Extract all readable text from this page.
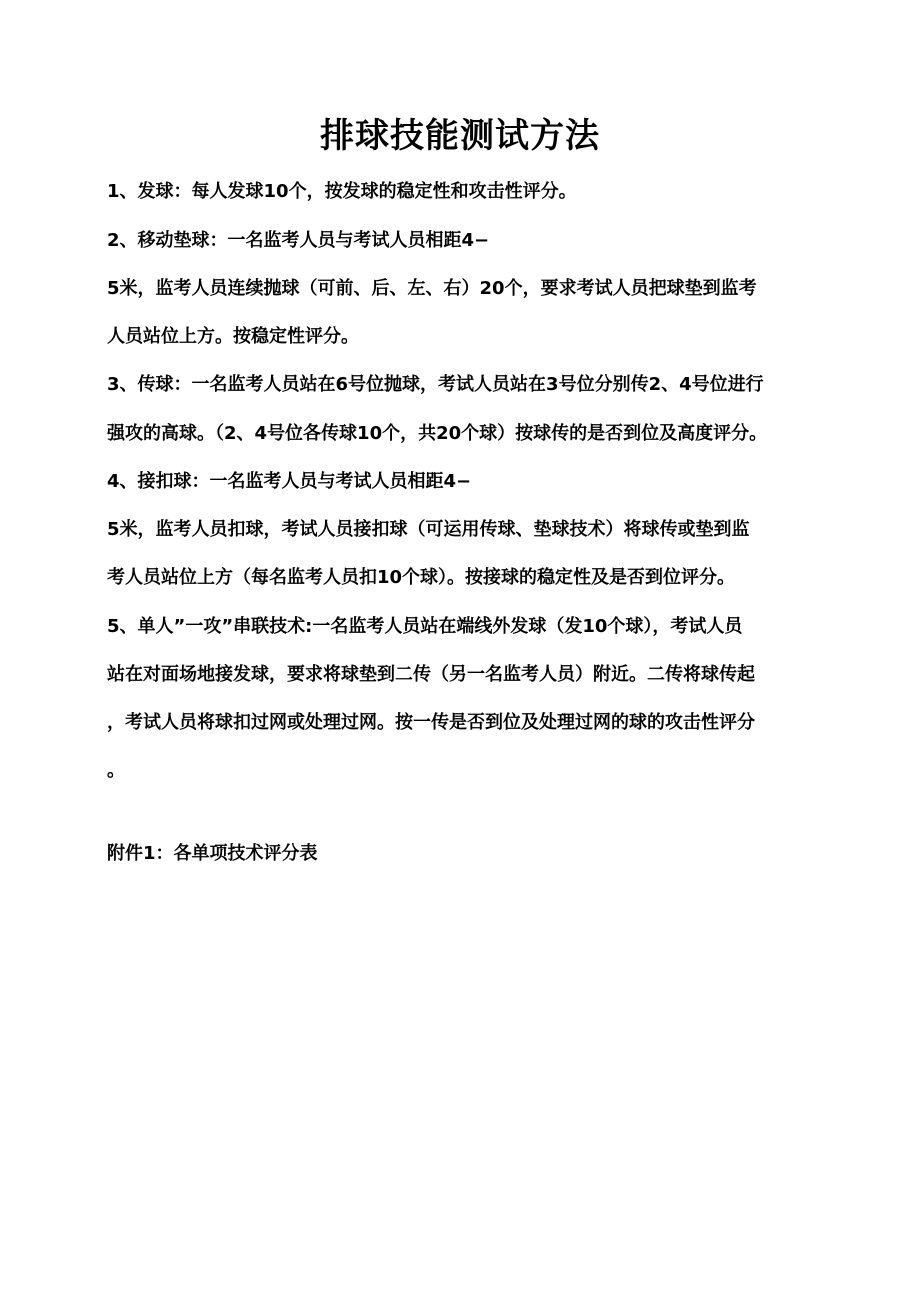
排球技能测试方法

1、发球：每人发球10个，按发球的稳定性和攻击性评分。

2、移动垫球：一名监考人员与考试人员相距4−

5米，监考人员连续抛球（可前、后、左、右）20个，要求考试人员把球垫到监考

人员站位上方。按稳定性评分。

3、传球：一名监考人员站在6号位抛球，考试人员站在3号位分别传2、4号位进行

强攻的高球。（2、4号位各传球10个，共20个球）按球传的是否到位及高度评分。

4、接扣球：一名监考人员与考试人员相距4−

5米，监考人员扣球，考试人员接扣球（可运用传球、垫球技术）将球传或垫到监

考人员站位上方（每名监考人员扣10个球）。按接球的稳定性及是否到位评分。

5、单人”一攻”串联技术:一名监考人员站在端线外发球（发10个球），考试人员

站在对面场地接发球，要求将球垫到二传（另一名监考人员）附近。二传将球传起

，考试人员将球扣过网或处理过网。按一传是否到位及处理过网的球的攻击性评分

。

附件1：各单项技术评分表
